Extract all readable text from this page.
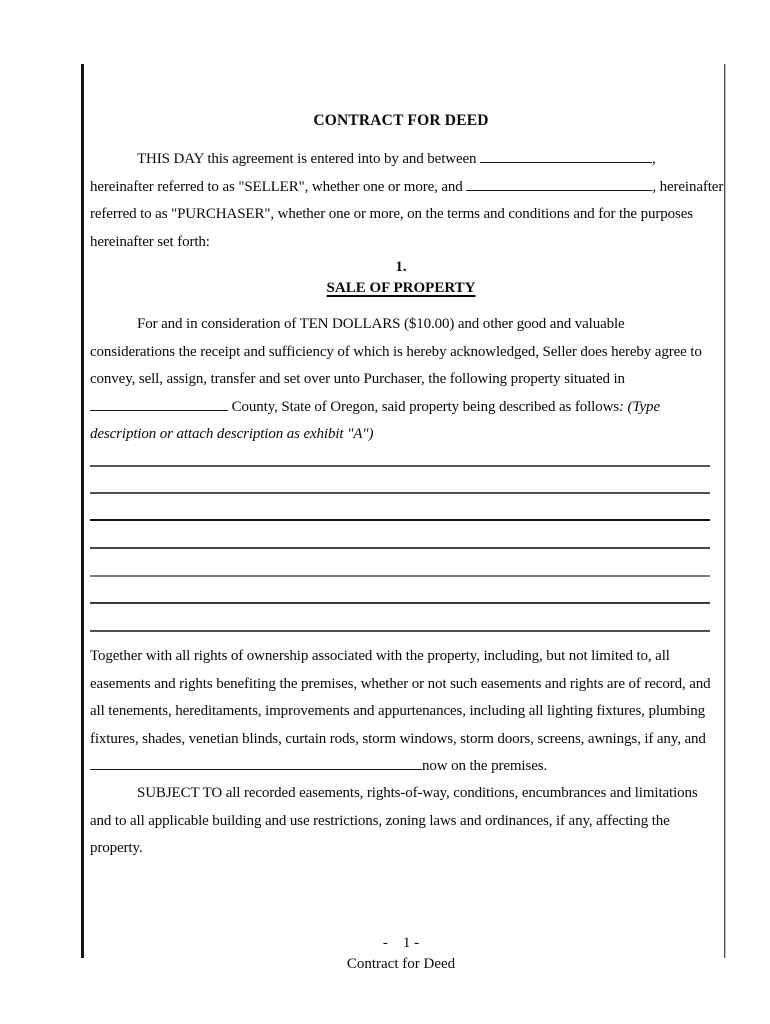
CONTRACT FOR DEED
THIS DAY this agreement is entered into by and between	,
hereinafter referred to as "SELLER", whether one or more, and	, hereinafter
referred to as "PURCHASER", whether one or more, on the terms and conditions and for the purposes
hereinafter set forth:
1.
SALE OF PROPERTY
For and in consideration of TEN DOLLARS ($10.00) and other good and valuable
considerations the receipt and sufficiency of which is hereby acknowledged, Seller does hereby agree to
convey, sell, assign, transfer and set over unto Purchaser, the following property situated in
County, State of Oregon, said property being described as follows: (Type
description or attach description as exhibit "A")
Together with all rights of ownership associated with the property, including, but not limited to, all
easements and rights benefiting the premises, whether or not such easements and rights are of record, and
all tenements, hereditaments, improvements and appurtenances, including all lighting fixtures, plumbing
fixtures, shades, venetian blinds, curtain rods, storm windows, storm doors, screens, awnings, if any, and
now on the premises.
SUBJECT TO all recorded easements, rights-of-way, conditions, encumbrances and limitations
and to all applicable building and use restrictions, zoning laws and ordinances, if any, affecting the
property.
-    1 -
Contract for Deed
